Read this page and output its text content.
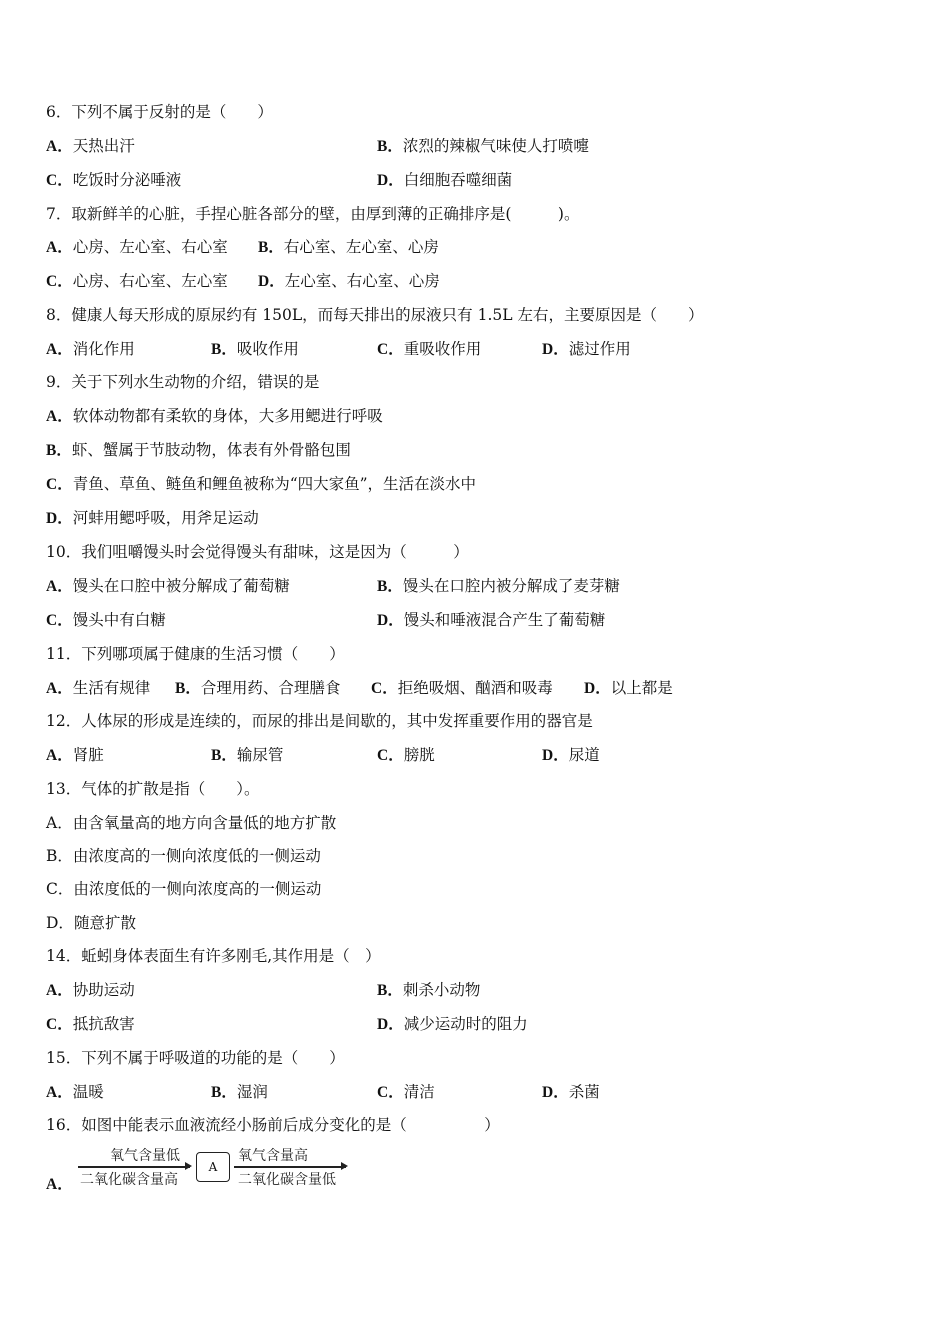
6．下列不属于反射的是（　　）
A．天热出汗	B．浓烈的辣椒气味使人打喷嚏
C．吃饭时分泌唾液	D．白细胞吞噬细菌
7．取新鲜羊的心脏，手捏心脏各部分的壁，由厚到薄的正确排序是(　　　)。
A．心房、左心室、右心室 B．右心室、左心室、心房
C．心房、右心室、左心室 D．左心室、右心室、心房
8．健康人每天形成的原尿约有 150L，而每天排出的尿液只有 1.5L 左右，主要原因是（　　）
A．消化作用	B．吸收作用	C．重吸收作用	D．滤过作用
9．关于下列水生动物的介绍，错误的是
A．软体动物都有柔软的身体，大多用鳃进行呼吸
B．虾、蟹属于节肢动物，体表有外骨骼包围
C．青鱼、草鱼、鲢鱼和鲤鱼被称为“四大家鱼”，生活在淡水中
D．河蚌用鳃呼吸，用斧足运动
10．我们咀嚼馒头时会觉得馒头有甜味，这是因为（　　　）
A．馒头在口腔中被分解成了葡萄糖	B．馒头在口腔内被分解成了麦芽糖
C．馒头中有白糖	D．馒头和唾液混合产生了葡萄糖
11．下列哪项属于健康的生活习惯（　　）
A．生活有规律 B．合理用药、合理膳食 C．拒绝吸烟、酗酒和吸毒 D．以上都是
12．人体尿的形成是连续的，而尿的排出是间歇的，其中发挥重要作用的器官是
A．肾脏	B．输尿管	C．膀胱	D．尿道
13．气体的扩散是指（　　）。
A．由含氧量高的地方向含量低的地方扩散
B．由浓度高的一侧向浓度低的一侧运动
C．由浓度低的一侧向浓度高的一侧运动
D．随意扩散
14．蚯蚓身体表面生有许多刚毛,其作用是（　）
A．协助运动	B．刺杀小动物
C．抵抗敌害	D．减少运动时的阻力
15．下列不属于呼吸道的功能的是（　　）
A．温暖	B．湿润	C．清洁	D．杀菌
16．如图中能表示血液流经小肠前后成分变化的是（　　　　　）
A．
氧气含量低
二氧化碳含量高
A
氧气含量高
二氧化碳含量低
